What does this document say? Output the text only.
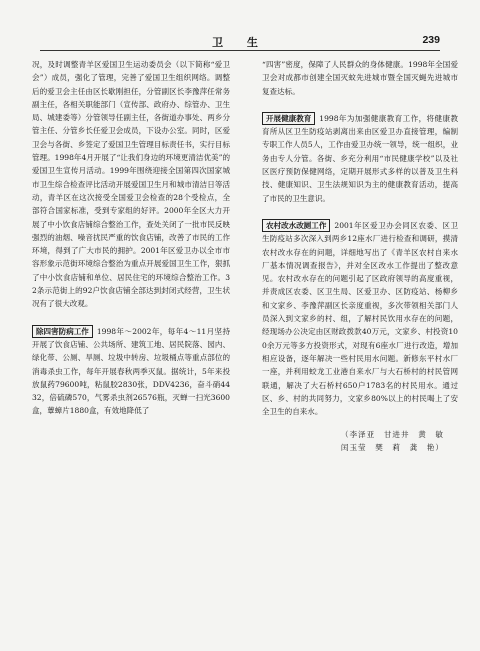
卫 生	239

况，及时调整青羊区爱国卫生运动委员会（以下简称“爱卫会”）成员，强化了管理，完善了爱国卫生组织网络。调整后的爱卫会主任由区长歇刚担任，分管副区长李豫萍任常务副主任，各相关职能部门（宣传部、政府办、综管办、卫生局、城建委等）分管领导任副主任，各街道办事处、两乡分管主任、分管乡长任爱卫会成员，下设办公室。同时，区爱卫会与各街、乡签定了爱国卫生管理目标责任书，实行目标管理。1998年4月开展了“让我们身边的环境更清洁优美”的爱国卫生宣传月活动。1999年围绕迎接全国第四次国家城市卫生综合检查评比活动开展爱国卫生月和城市清洁日等活动，青羊区在这次接受全国爱卫会检查的28个受检点，全部符合国家标准，受到专家组的好评。2000年全区大力开展了中小饮食店铺综合整治工作，查处关闭了一批市民反映强烈的油烟、噪音扰民严重的饮食店铺，改善了市民的工作环境，得到了广大市民的拥护。2001年区爱卫办以全市市容形象示范街环境综合整治为重点开展爱国卫生工作，狠抓了中小饮食店铺和单位、居民住宅的环境综合整治工作。32条示范街上的92户饮食店铺全部达到封闭式经营，卫生状况有了很大改观。

除四害防病工作 1998年～2002年，每年4～11月坚持开展了饮食店铺、公共场所、建筑工地、居民院落、园内、绿化带、公厕、旱厕、垃圾中转房、垃圾桶点等重点部位的消毒杀虫工作，每年开展春秋两季灭鼠。据统计，5年来投放鼠药79600吨，粘鼠胶2830张，DDV4236，奋斗硝4432，倍硫磷570，气雾杀虫剂26576瓶，灭蝉一扫光3600盒，蕈蟑片1880盒，有效地降低了

“四害”密度，保障了人民群众的身体健康。1998年全国爱卫会对成都市创建全国灭蚊先进城市暨全国灭蝇先进城市复查达标。

开展健康教育 1998年为加强健康教育工作，将健康教育所从区卫生防疫站剥离出来由区爱卫办直接管理，编制专职工作人员5人，工作由爱卫办统一领导，统一组织，业务由专人分管。各街、乡充分利用“市民健康学校”以及社区医疗预防保健网络，定期开展形式多样的以普及卫生科技、健康知识、卫生法规知识为主的健康教育活动，提高了市民的卫生意识。

农村改水改厕工作 2001年区爱卫办会同区农委、区卫生防疫站多次深入到两乡12座水厂进行检查和调研，摸清农村改水存在的问题，详细地写出了《青羊区农村自来水厂基本情况调查报告》，并对全区改水工作提出了整改意见。农村改水存在的问题引起了区政府领导的高度重视，并责成区农委、区卫生局、区爱卫办、区防疫站、杨柳乡和文家乡、李豫萍副区长亲度重视，多次带领相关部门人员深入到文家乡的村、组，了解村民饮用水存在的问题，经现场办公决定由区财政拨款40万元，文家乡、村投资100余万元等多方投资形式，对现有6座水厂进行改造，增加相应设备，逐年解决一些村民用水问题。新修东平村水厂一座，并利用蛟龙工业港自来水厂与大石桥村的村民管网联通，解决了大石桥村650户1783名的村民用水。通过区、乡、村的共同努力，文家乡80%以上的村民喝上了安全卫生的自来水。

（李泽亚　甘进井　黄　敏
　闰玉莹　樊　莉　龚　艳）
